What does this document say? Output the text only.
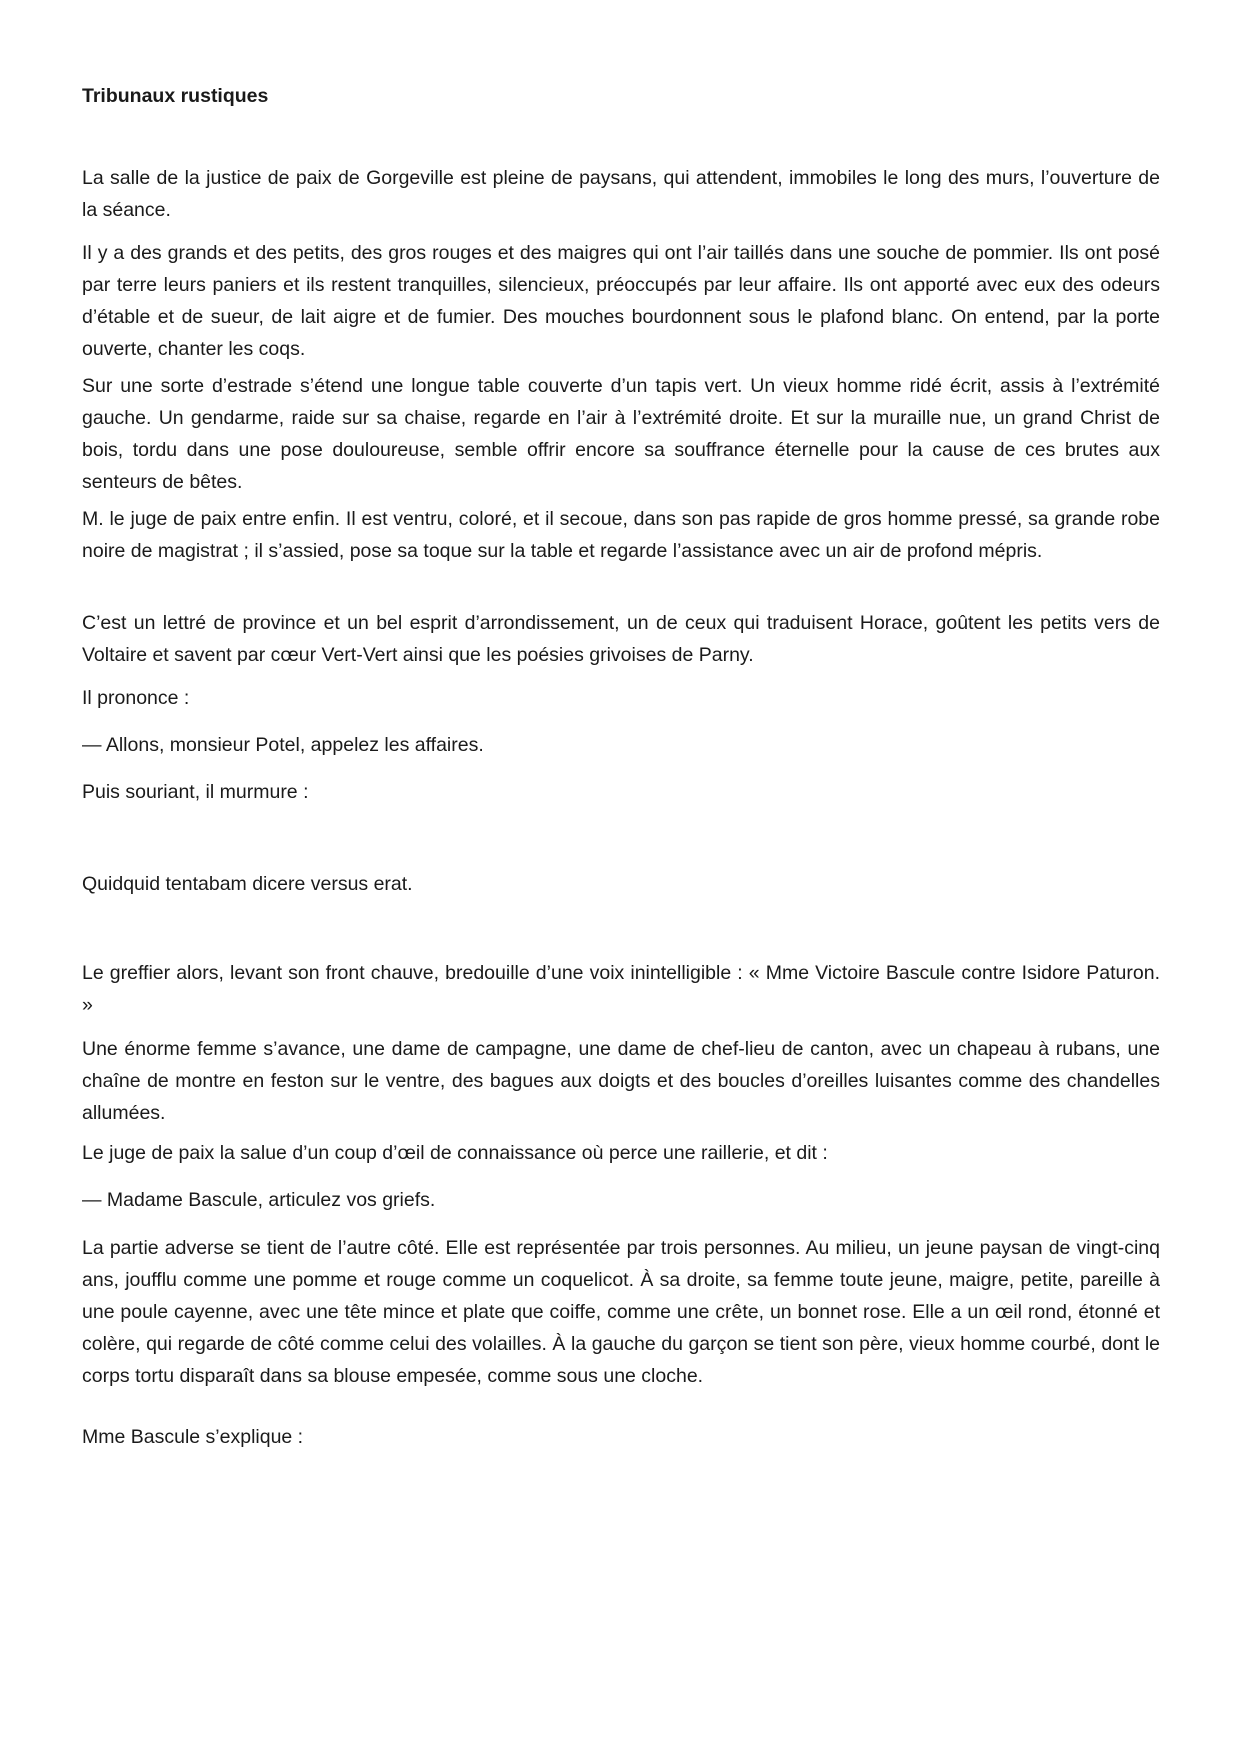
Tribunaux rustiques

La salle de la justice de paix de Gorgeville est pleine de paysans, qui attendent, immobiles le long des murs, l’ouverture de la séance.

Il y a des grands et des petits, des gros rouges et des maigres qui ont l’air taillés dans une souche de pommier. Ils ont posé par terre leurs paniers et ils restent tranquilles, silencieux, préoccupés par leur affaire. Ils ont apporté avec eux des odeurs d’étable et de sueur, de lait aigre et de fumier. Des mouches bourdonnent sous le plafond blanc. On entend, par la porte ouverte, chanter les coqs.

Sur une sorte d’estrade s’étend une longue table couverte d’un tapis vert. Un vieux homme ridé écrit, assis à l’extrémité gauche. Un gendarme, raide sur sa chaise, regarde en l’air à l’extrémité droite. Et sur la muraille nue, un grand Christ de bois, tordu dans une pose douloureuse, semble offrir encore sa souffrance éternelle pour la cause de ces brutes aux senteurs de bêtes.

M. le juge de paix entre enfin. Il est ventru, coloré, et il secoue, dans son pas rapide de gros homme pressé, sa grande robe noire de magistrat ; il s’assied, pose sa toque sur la table et regarde l’assistance avec un air de profond mépris.

C’est un lettré de province et un bel esprit d’arrondissement, un de ceux qui traduisent Horace, goûtent les petits vers de Voltaire et savent par cœur Vert-Vert ainsi que les poésies grivoises de Parny.

Il prononce :

— Allons, monsieur Potel, appelez les affaires.

Puis souriant, il murmure :

Quidquid tentabam dicere versus erat.

Le greffier alors, levant son front chauve, bredouille d’une voix inintelligible : « Mme Victoire Bascule contre Isidore Paturon. »

Une énorme femme s’avance, une dame de campagne, une dame de chef-lieu de canton, avec un chapeau à rubans, une chaîne de montre en feston sur le ventre, des bagues aux doigts et des boucles d’oreilles luisantes comme des chandelles allumées.

Le juge de paix la salue d’un coup d’œil de connaissance où perce une raillerie, et dit :

— Madame Bascule, articulez vos griefs.

La partie adverse se tient de l’autre côté. Elle est représentée par trois personnes. Au milieu, un jeune paysan de vingt-cinq ans, joufflu comme une pomme et rouge comme un coquelicot. À sa droite, sa femme toute jeune, maigre, petite, pareille à une poule cayenne, avec une tête mince et plate que coiffe, comme une crête, un bonnet rose. Elle a un œil rond, étonné et colère, qui regarde de côté comme celui des volailles. À la gauche du garçon se tient son père, vieux homme courbé, dont le corps tortu disparaît dans sa blouse empesée, comme sous une cloche.

Mme Bascule s’explique :
